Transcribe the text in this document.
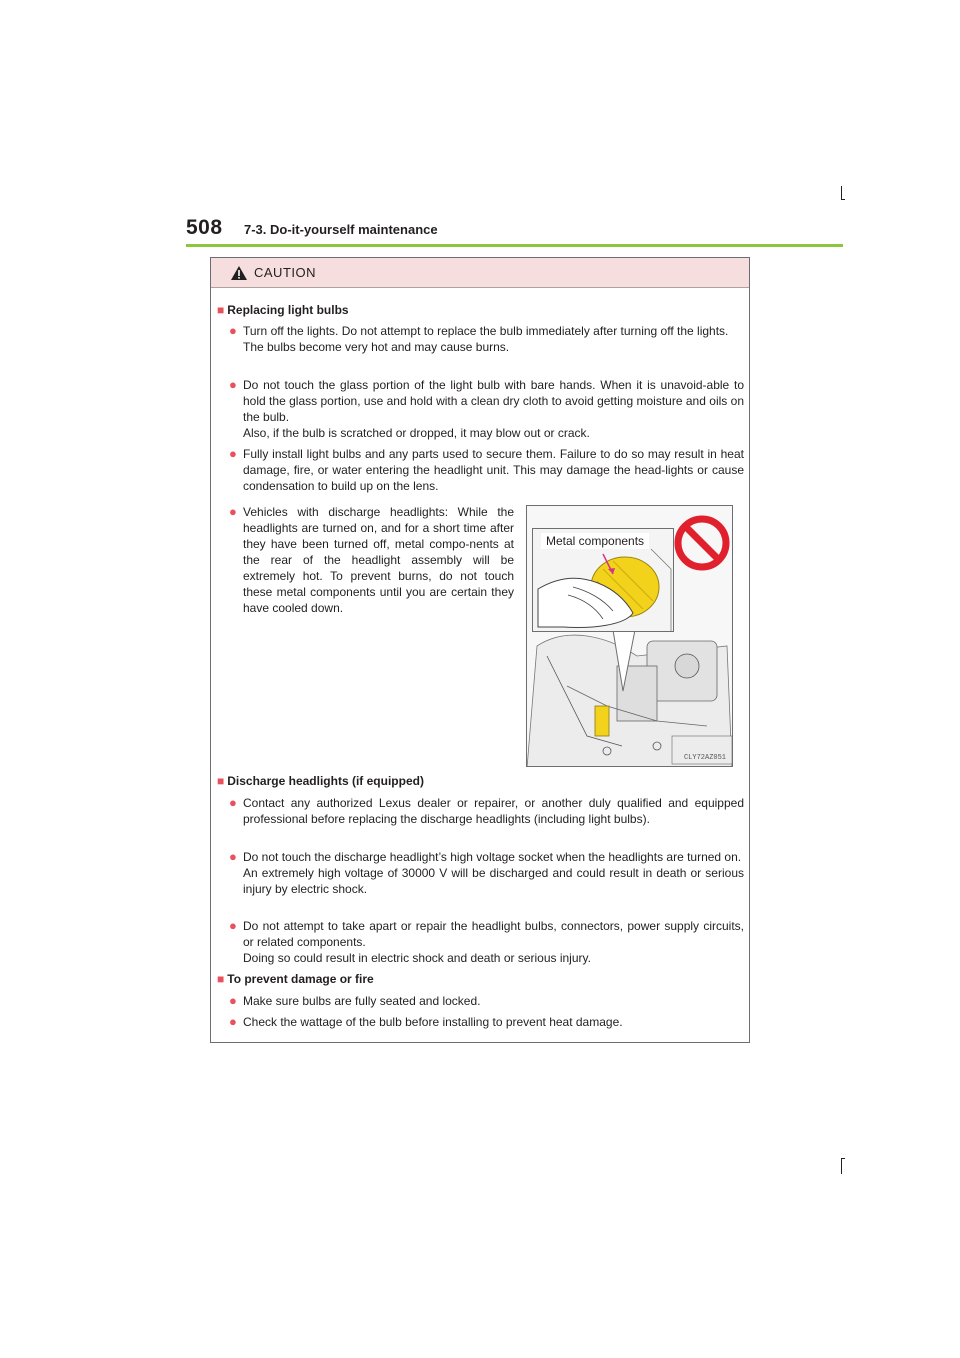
508 7-3. Do-it-yourself maintenance
CAUTION
■ Replacing light bulbs
● Turn off the lights. Do not attempt to replace the bulb immediately after turning off the lights.
The bulbs become very hot and may cause burns.
● Do not touch the glass portion of the light bulb with bare hands. When it is unavoid-able to hold the glass portion, use and hold with a clean dry cloth to avoid getting moisture and oils on the bulb.
Also, if the bulb is scratched or dropped, it may blow out or crack.
● Fully install light bulbs and any parts used to secure them. Failure to do so may result in heat damage, fire, or water entering the headlight unit. This may damage the head-lights or cause condensation to build up on the lens.
● Vehicles with discharge headlights: While the headlights are turned on, and for a short time after they have been turned off, metal compo-nents at the rear of the headlight assembly will be extremely hot. To prevent burns, do not touch these metal components until you are certain they have cooled down.
Metal components
CLY72AZ051
■ Discharge headlights (if equipped)
● Contact any authorized Lexus dealer or repairer, or another duly qualified and equipped professional before replacing the discharge headlights (including light bulbs).
● Do not touch the discharge headlight’s high voltage socket when the headlights are turned on.
An extremely high voltage of 30000 V will be discharged and could result in death or serious injury by electric shock.
● Do not attempt to take apart or repair the headlight bulbs, connectors, power supply circuits, or related components.
Doing so could result in electric shock and death or serious injury.
■ To prevent damage or fire
● Make sure bulbs are fully seated and locked.
● Check the wattage of the bulb before installing to prevent heat damage.
